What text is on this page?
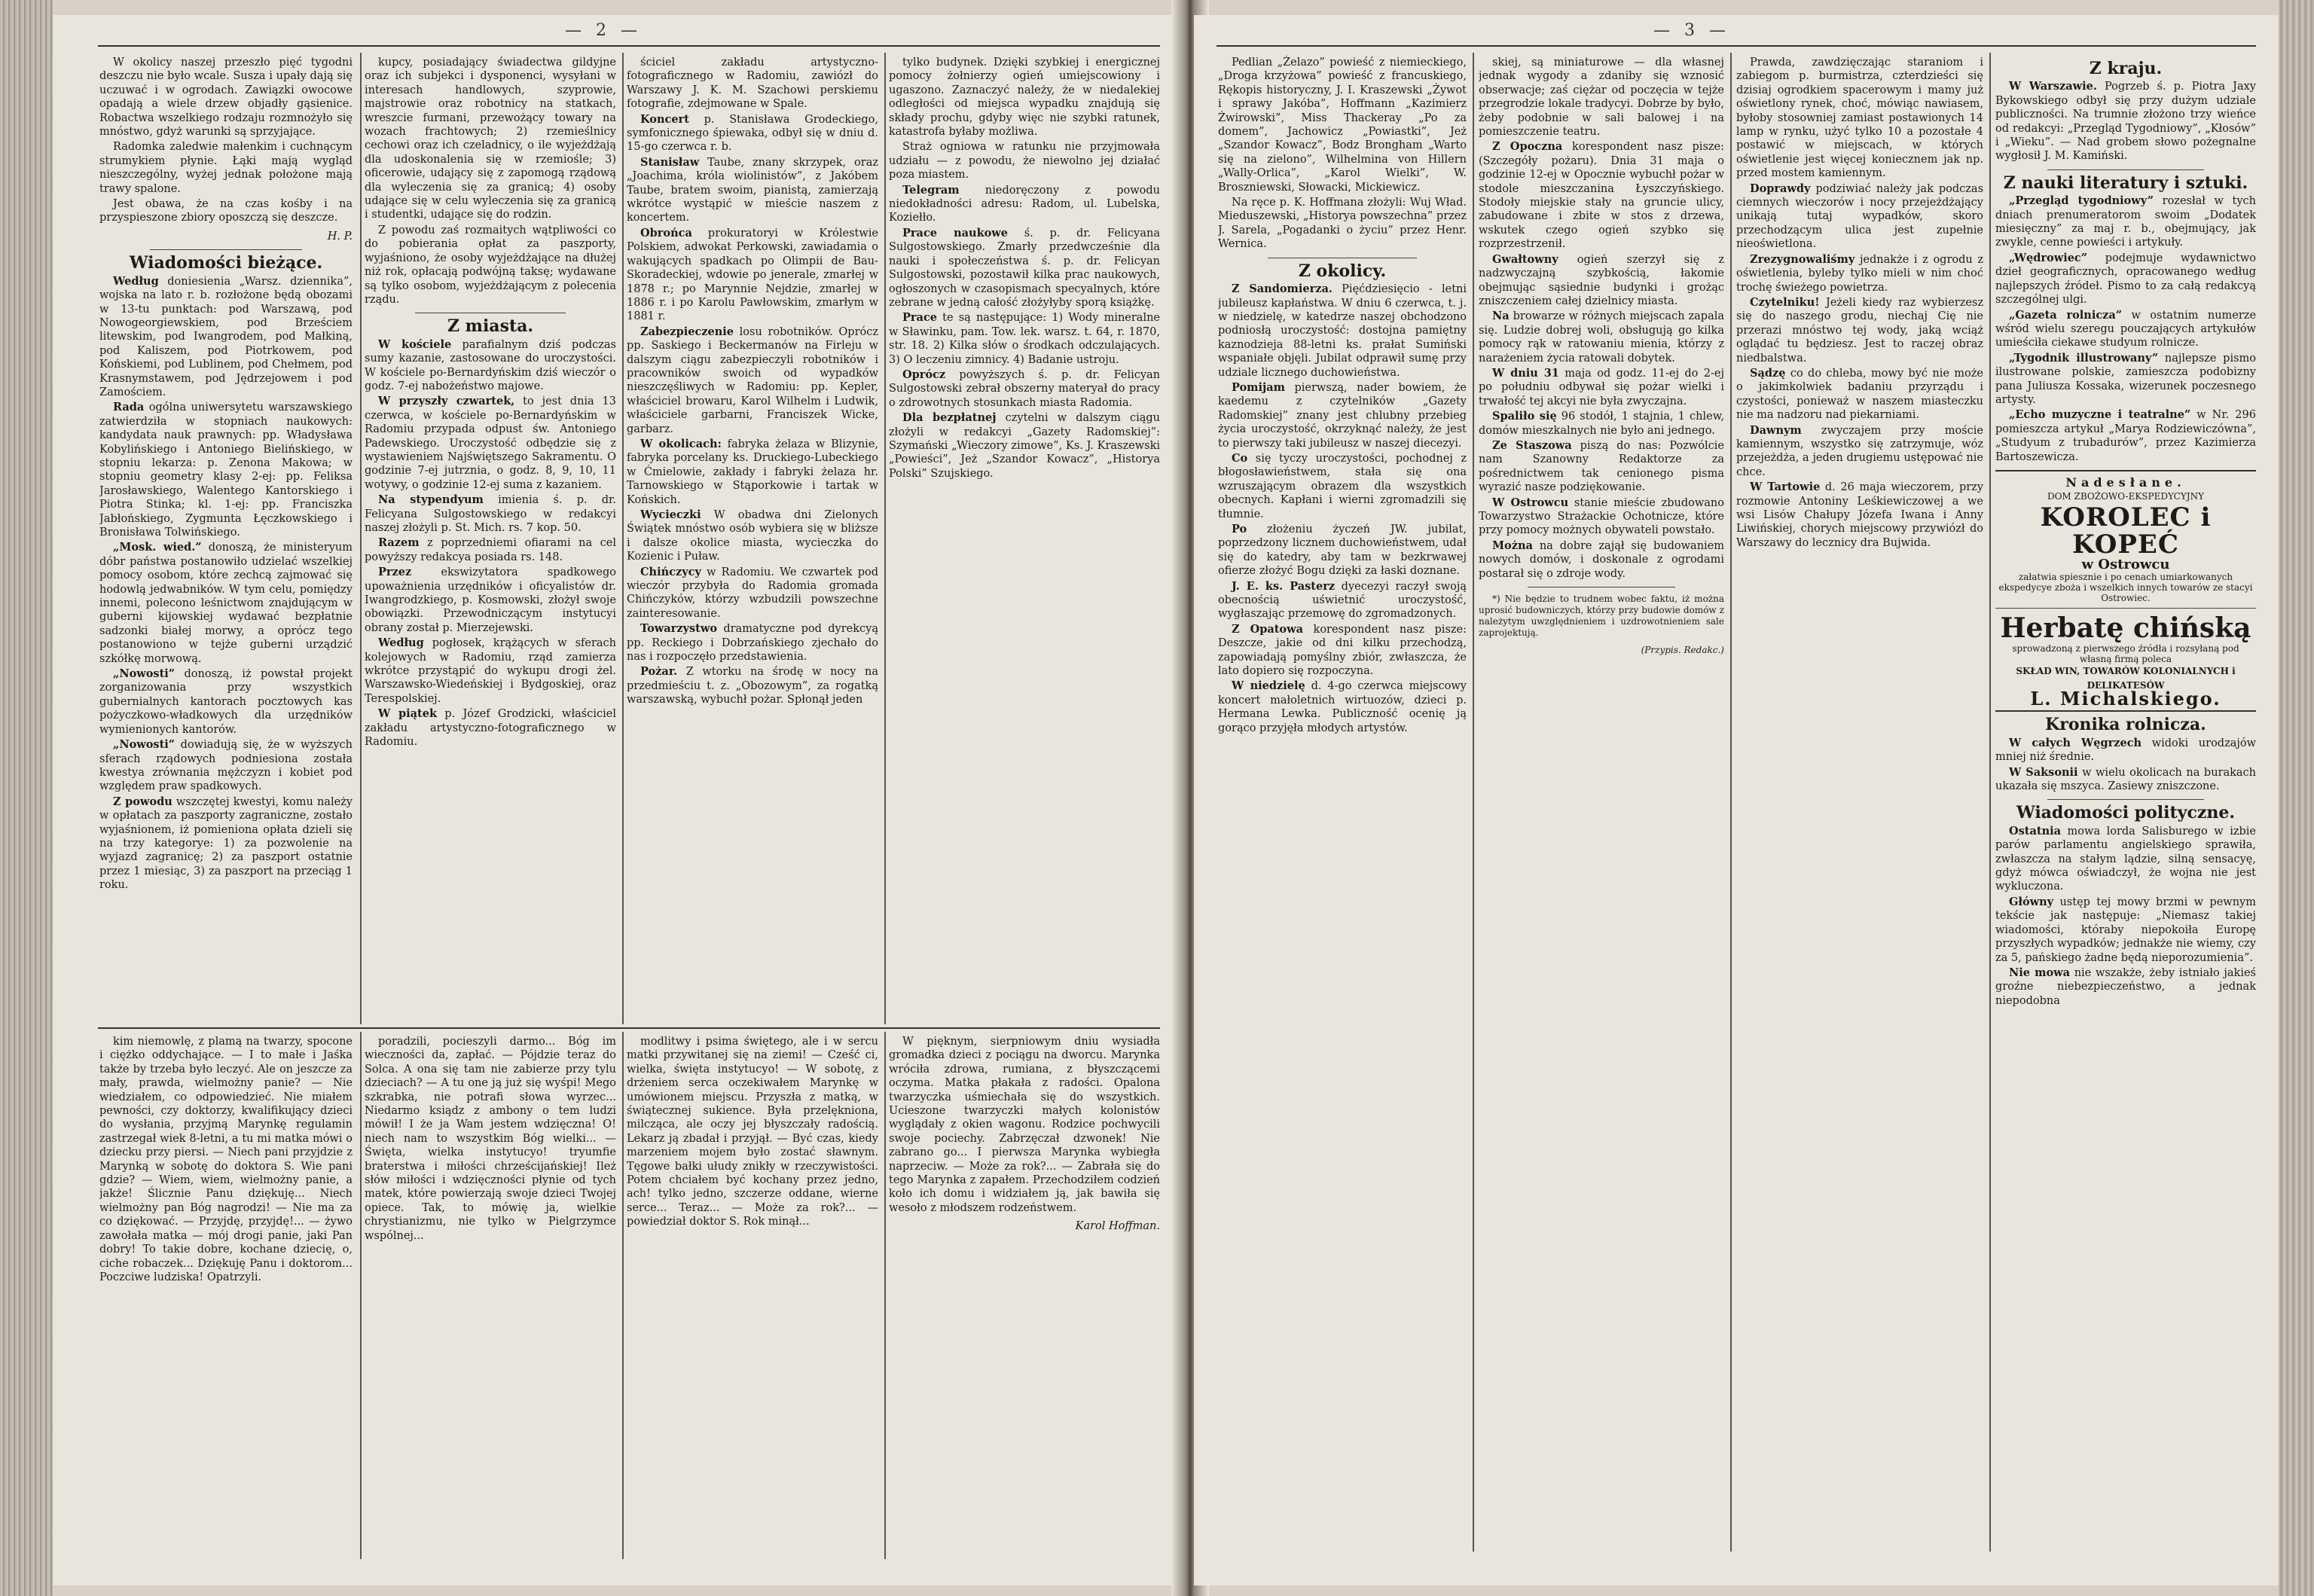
— 2 —

W okolicy naszej przeszło pięć tygodni deszczu nie było wcale. Susza i upały dają się uczuwać i w ogrodach. Zawiązki owocowe opadają a wiele drzew objadły gąsienice. Robactwa wszelkiego rodzaju rozmnożyło się mnóstwo, gdyż warunki są sprzyjające.

Radomka zaledwie małenkim i cuchnącym strumykiem płynie. Łąki mają wygląd nieszczególny, wyżej jednak położone mają trawy spalone.

Jest obawa, że na czas kośby i na przyspieszone zbiory oposzczą się deszcze.

H. P.
Wiadomości bieżące.

Według doniesienia „Warsz. dziennika”, wojska na lato r. b. rozłożone będą obozami w 13-tu punktach: pod Warszawą, pod Nowogeorgiewskiem, pod Brześciem litewskim, pod Iwangrodem, pod Małkiną, pod Kaliszem, pod Piotrkowem, pod Końskiemi, pod Lublinem, pod Chełmem, pod Krasnymstawem, pod Jędrzejowem i pod Zamościem.

Rada ogólna uniwersytetu warszawskiego zatwierdziła w stopniach naukowych: kandydata nauk prawnych: pp. Władysława Kobylińskiego i Antoniego Bielińskiego, w stopniu lekarza: p. Zenona Makowa; w stopniu geometry klasy 2-ej: pp. Feliksa Jarosławskiego, Walentego Kantorskiego i Piotra Stinka; kl. 1-ej: pp. Franciszka Jabłońskiego, Zygmunta Łęczkowskiego i Bronisława Tolwińskiego.

„Mosk. wied.” donoszą, że ministeryum dóbr państwa postanowiło udzielać wszelkiej pomocy osobom, które zechcą zajmować się hodowlą jedwabników. W tym celu, pomiędzy innemi, polecono leśnictwom znajdującym w guberni kijowskiej wydawać bezpłatnie sadzonki białej morwy, a oprócz tego postanowiono w tejże guberni urządzić szkółkę morwową.

„Nowosti” donoszą, iż powstał projekt zorganizowania przy wszystkich gubernialnych kantorach pocztowych kas pożyczkowo-władkowych dla urzędników wymienionych kantorów.

„Nowosti” dowiadują się, że w wyższych sferach rządowych podniesiona została kwestya zrównania mężczyzn i kobiet pod względem praw spadkowych.

Z powodu wszczętej kwestyi, komu należy w opłatach za paszporty zagraniczne, zostało wyjaśnionem, iż pomieniona opłata dzieli się na trzy kategorye: 1) za pozwolenie na wyjazd zagranicę; 2) za paszport ostatnie przez 1 miesiąc, 3) za paszport na przeciąg 1 roku.

kupcy, posiadający świadectwa gildyjne oraz ich subjekci i dysponenci, wysyłani w interesach handlowych, szyprowie, majstrowie oraz robotnicy na statkach, wreszcie furmani, przewożący towary na wozach frachtowych; 2) rzemieślnicy cechowi oraz ich czeladnicy, o ile wyjeżdżają dla udoskonalenia się w rzemiośle; 3) oficerowie, udający się z zapomogą rządową dla wyleczenia się za granicą; 4) osoby udające się w celu wyleczenia się za granicą i studentki, udające się do rodzin.

Z powodu zaś rozmaitych wątpliwości co do pobierania opłat za paszporty, wyjaśniono, że osoby wyjeżdżające na dłużej niż rok, opłacają podwójną taksę; wydawane są tylko osobom, wyjeżdżającym z polecenia rządu.

Z miasta.

W kościele parafialnym dziś podczas sumy kazanie, zastosowane do uroczystości. W kościele po-Bernardyńskim dziś wieczór o godz. 7-ej nabożeństwo majowe.

W przyszły czwartek, to jest dnia 13 czerwca, w kościele po-Bernardyńskim w Radomiu przypada odpust św. Antoniego Padewskiego. Uroczystość odbędzie się z wystawieniem Najświętszego Sakramentu. O godzinie 7-ej jutrznia, o godz. 8, 9, 10, 11 wotywy, o godzinie 12-ej suma z kazaniem.

Na stypendyum imienia ś. p. dr. Felicyana Sulgostowskiego w redakcyi naszej złożyli p. St. Mich. rs. 7 kop. 50.

Razem z poprzedniemi ofiarami na cel powyższy redakcya posiada rs. 148.

Przez	ekswizytatora spadkowego upoważnienia urzędników i oficyalistów dr. Iwangrodzkiego, p. Kosmowski, złożył swoje obowiązki. Przewodniczącym instytucyi obrany został p. Mierzejewski.

Według pogłosek, krążących w sferach kolejowych w Radomiu, rząd zamierza wkrótce przystąpić do wykupu drogi żel. Warszawsko-Wiedeńskiej i Bydgoskiej, oraz Terespolskiej.

W piątek p. Józef Grodzicki, właściciel zakładu artystyczno-fotograficznego w Radomiu.

ściciel zakładu artystyczno-fotograficznego w Radomiu, zawiózł do Warszawy J. K. M. Szachowi perskiemu fotografie, zdejmowane w Spale.

Koncert p. Stanisława Grodeckiego, symfonicznego śpiewaka, odbył się w dniu d. 15-go czerwca r. b.

Stanisław Taube, znany skrzypek, oraz „Joachima, króla wiolinistów”, z Jakóbem Taube, bratem swoim, pianistą, zamierzają wkrótce wystąpić w mieście naszem z koncertem.

Obrońca prokuratoryi w Królestwie Polskiem, adwokat Perkowski, zawiadamia o wakujących spadkach po Olimpii de Bau-Skoradeckiej, wdowie po jenerale, zmarłej w 1878 r.; po Marynnie Nejdzie, zmarłej w 1886 r. i po Karolu Pawłowskim, zmarłym w 1881 r.

Zabezpieczenie losu robotników. Oprócz pp. Saskiego i Beckermanów na Firleju w dalszym ciągu zabezpieczyli robotników i pracowników swoich od wypadków nieszczęśliwych w Radomiu: pp. Kepler, właściciel browaru, Karol Wilhelm i Ludwik, właściciele garbarni, Franciszek Wicke, garbarz.

W okolicach: fabryka żelaza w Blizynie, fabryka porcelany ks. Druckiego-Lubeckiego w Ćmielowie, zakłady i fabryki żelaza hr. Tarnowskiego w Stąporkowie i tartak w Końskich.

Wycieczki W obadwa dni Zielonych Świątek mnóstwo osób wybiera się w bliższe i dalsze okolice miasta, wycieczka do Kozienic i Puław.

Chińczycy w Radomiu. We czwartek pod wieczór przybyła do Radomia gromada Chińczyków, którzy wzbudzili powszechne zainteresowanie.

Towarzystwo dramatyczne pod dyrekcyą pp. Reckiego i Dobrzańskiego zjechało do nas i rozpoczęło przedstawienia.

Pożar. Z wtorku na środę w nocy na przedmieściu t. z. „Obozowym”, za rogatką warszawską, wybuchł pożar. Spłonął jeden

tylko budynek. Dzięki szybkiej i energicznej pomocy żołnierzy ogień umiejscowiony i ugaszono. Zaznaczyć należy, że w niedalekiej odległości od miejsca wypadku znajdują się składy prochu, gdyby więc nie szybki ratunek, katastrofa byłaby możliwa.

Straż ogniowa w ratunku nie przyjmowała udziału — z powodu, że niewolno jej działać poza miastem.

Telegram niedoręczony z powodu niedokładności adresu: Radom, ul. Lubelska, Koziełło.

Prace naukowe ś. p. dr. Felicyana Sulgostowskiego. Zmarły przedwcześnie dla nauki i społeczeństwa ś. p. dr. Felicyan Sulgostowski, pozostawił kilka prac naukowych, ogłoszonych w czasopismach specyalnych, które zebrane w jedną całość złożyłyby sporą książkę.

Prace te są następujące: 1) Wody mineralne w Sławinku, pam. Tow. lek. warsz. t. 64, r. 1870, str. 18. 2) Kilka słów o środkach odczulających. 3) O leczeniu zimnicy. 4) Badanie ustroju.

Oprócz powyższych ś. p. dr. Felicyan Sulgostowski zebrał obszerny materyał do pracy o zdrowotnych stosunkach miasta Radomia.

Dla bezpłatnej czytelni w dalszym ciągu złożyli w redakcyi „Gazety Radomskiej”: Szymański „Wieczory zimowe”, Ks. J. Kraszewski „Powieści”, Jeż „Szandor Kowacz”, „Historya Polski” Szujskiego.

kim niemowlę, z plamą na twarzy, spocone i ciężko oddychające. — I to małe i Jaśka także by trzeba było leczyć. Ale on jeszcze za mały, prawda, wielmożny panie? — Nie wiedziałem, co odpowiedzieć. Nie miałem pewności, czy doktorzy, kwalifikujący dzieci do wysłania, przyjmą Marynkę regulamin zastrzegał wiek 8-letni, a tu mi matka mówi o dziecku przy piersi. — Niech pani przyjdzie z Marynką w sobotę do doktora S. Wie pani gdzie? — Wiem, wiem, wielmożny panie, a jakże! Ślicznie Panu dziękuję... Niech wielmożny pan Bóg nagrodzi! — Nie ma za co dziękować. — Przyjdę, przyjdę!... — żywo zawołała matka — mój drogi panie, jaki Pan dobry! To takie dobre, kochane dziecię, o, ciche robaczek... Dziękuję Panu i doktorom... Poczciwe ludziska! Opatrzyli.

poradzili, pocieszyli darmo... Bóg im wieczności da, zapłać. — Pójdzie teraz do Solca. A ona się tam nie zabierze przy tylu dzieciach? — A tu one ją już się wyśpi! Mego szkrabka, nie potrafi słowa wyrzec... Niedarmo ksiądz z ambony o tem ludzi mówił! I że ja Wam jestem wdzięczna! O! niech nam to wszystkim Bóg wielki... — Święta, wielka instytucyo! tryumfie braterstwa i miłości chrześcijańskiej! Ileż słów miłości i wdzięczności płynie od tych matek, które powierzają swoje dzieci Twojej opiece. Tak, to mówię ja, wielkie chrystianizmu, nie tylko w Pielgrzymce wspólnej...

modlitwy i psima świętego, ale i w sercu matki przywitanej się na ziemi! — Cześć ci, wielka, święta instytucyo! — W sobotę, z drżeniem serca oczekiwałem Marynkę w umówionem miejscu. Przyszła z matką, w świątecznej sukience. Była przelękniona, milcząca, ale oczy jej błyszczały radością. Lekarz ją zbadał i przyjął. — Być czas, kiedy marzeniem mojem było zostać sławnym. Tęgowe bałki ułudy znikły w rzeczywistości. Potem chciałem być kochany przez jedno, ach! tylko jedno, szczerze oddane, wierne serce... Teraz... — Może za rok?... — powiedział doktor S. Rok minął...

W pięknym, sierpniowym dniu wysiadła gromadka dzieci z pociągu na dworcu. Marynka wróciła zdrowa, rumiana, z błyszczącemi oczyma. Matka płakała z radości. Opalona twarzyczka uśmiechała się do wszystkich. Ucieszone twarzyczki małych kolonistów wyglądały z okien wagonu. Rodzice pochwycili swoje pociechy. Zabrzęczał dzwonek! Nie zabrano go... I pierwsza Marynka wybiegła naprzeciw. — Może za rok?... — Zabrała się do tego Marynka z zapałem. Przechodziłem codzień koło ich domu i widziałem ją, jak bawiła się wesoło z młodszem rodzeństwem.

Karol Hoffman.
— 3 —

Pedlian „Żelazo” powieść z niemieckiego, „Droga krzyżowa” powieść z francuskiego, Rękopis historyczny, J. I. Kraszewski „Żywot i sprawy Jakóba”, Hoffmann „Kazimierz Żwirowski”, Miss Thackeray „Po za domem”, Jachowicz „Powiastki”, Jeż „Szandor Kowacz”, Bodz Brongham „Warto się na zielono”, Wilhelmina von Hillern „Wally-Orlica”, „Karol Wielki”, W. Broszniewski, Słowacki, Mickiewicz.

Na ręce p. K. Hoffmana złożyli: Wuj Wład. Mieduszewski, „Historya powszechna” przez J. Sarela, „Pogadanki o życiu” przez Henr. Wernica.

Z okolicy.

Z Sandomierza. Pięćdziesięcio - letni jubileusz kapłaństwa. W dniu 6 czerwca, t. j. w niedzielę, w katedrze naszej obchodzono podniosłą uroczystość: dostojna pamiętny kaznodzieja 88-letni ks. prałat Sumiński wspaniałe objęli. Jubilat odprawił sumę przy udziale licznego duchowieństwa.

Pomijam pierwszą, nader bowiem, że kaedemu z czytelników „Gazety Radomskiej” znany jest chlubny przebieg życia uroczystość, okrzyknąć należy, że jest to pierwszy taki jubileusz w naszej diecezyi.

Co się tyczy uroczystości, pochodnej z błogosławieństwem, stała się ona wzruszającym obrazem dla wszystkich obecnych. Kapłani i wierni zgromadzili się tłumnie.

Po złożeniu życzeń JW. jubilat, poprzedzony licznem duchowieństwem, udał się do katedry, aby tam w bezkrwawej ofierze złożyć Bogu dzięki za łaski doznane.

J. E. ks. Pasterz dyecezyi raczył swoją obecnością uświetnić uroczystość, wygłaszając przemowę do zgromadzonych.

Z Opatowa korespondent nasz pisze: Deszcze, jakie od dni kilku przechodzą, zapowiadają pomyślny zbiór, zwłaszcza, że lato dopiero się rozpoczyna.

W niedzielę d. 4-go czerwca miejscowy koncert małoletnich wirtuozów, dzieci p. Hermana Lewka. Publiczność ocenię ją gorąco przyjęła młodych artystów.

skiej, są miniaturowe — dla własnej jednak wygody a zdaniby się wznosić obserwacje; zaś ciężar od poczęcia w tejże przegrodzie lokale tradycyi. Dobrze by było, żeby podobnie w sali balowej i na pomieszczenie teatru.

Z Opoczna korespondent nasz pisze: (Szczegóły pożaru). Dnia 31 maja o godzinie 12-ej w Opocznie wybuchł pożar w stodole mieszczanina Łyszczyńskiego. Stodoły miejskie stały na gruncie ulicy, zabudowane i zbite w stos z drzewa, wskutek czego ogień szybko się rozprzestrzenił.

Gwałtowny ogień szerzył się z nadzwyczajną szybkością, łakomie obejmując sąsiednie budynki i grożąc zniszczeniem całej dzielnicy miasta.

Na browarze w różnych miejscach zapala się. Ludzie dobrej woli, obsługują go kilka pomocy rąk w ratowaniu mienia, którzy z narażeniem życia ratowali dobytek.

W dniu 31 maja od godz. 11-ej do 2-ej po południu odbywał się pożar wielki i trwałość tej akcyi nie była zwyczajna.

Spaliło się 96 stodół, 1 stajnia, 1 chlew, domów mieszkalnych nie było ani jednego.

Ze Staszowa piszą do nas: Pozwólcie nam Szanowny Redaktorze za pośrednictwem tak cenionego pisma wyrazić nasze podziękowanie.

W Ostrowcu stanie mieście zbudowano Towarzystwo Strażackie Ochotnicze, które przy pomocy możnych obywateli powstało.

Można na dobre zajął się budowaniem nowych domów, i doskonale z ogrodami postarał się o zdroje wody.

*) Nie będzie to trudnem wobec faktu, iż można uprosić budowniczych, którzy przy budowie domów z należytym uwzględnieniem i uzdrowotnieniem sale zaprojektują.

(Przypis. Redakc.)

Prawda, zawdzięczając staraniom i zabiegom p. burmistrza, czterdzieści się dzisiaj ogrodkiem spacerowym i mamy już oświetlony rynek, choć, mówiąc nawiasem, byłoby stosowniej zamiast postawionych 14 lamp w rynku, użyć tylko 10 a pozostałe 4 postawić w miejscach, w których oświetlenie jest więcej koniecznem jak np. przed mostem kamiennym.

Doprawdy podziwiać należy jak podczas ciemnych wieczorów i nocy przejeżdżający unikają tutaj wypadków, skoro przechodzącym ulica jest zupełnie nieoświetlona.

Zrezygnowaliśmy jednakże i z ogrodu z oświetlenia, byleby tylko mieli w nim choć trochę świeżego powietrza.

Czytelniku! Jeżeli kiedy raz wybierzesz się do naszego grodu, niechaj Cię nie przerazi mnóstwo tej wody, jaką wciąż oglądać tu będziesz. Jest to raczej obraz niedbalstwa.

Sądzę co do chleba, mowy być nie może o jakimkolwiek badaniu przyrządu i czystości, ponieważ w naszem miasteczku nie ma nadzoru nad piekarniami.

Dawnym zwyczajem przy moście kamiennym, wszystko się zatrzymuje, wóz przejeżdża, a jeden drugiemu ustępować nie chce.

W Tartowie d. 26 maja wieczorem, przy rozmowie Antoniny Leśkiewiczowej a we wsi Lisów Chałupy Józefa Iwana i Anny Liwińskiej, chorych miejscowy przywiózł do Warszawy do lecznicy dra Bujwida.

Z kraju.

W Warszawie. Pogrzeb ś. p. Piotra Jaxy Bykowskiego odbył się przy dużym udziale publiczności. Na trumnie złożono trzy wieńce od redakcyi: „Przegląd Tygodniowy”, „Kłosów” i „Wieku”. — Nad grobem słowo pożegnalne wygłosił J. M. Kamiński.

Z nauki literatury i sztuki.

„Przegląd tygodniowy” rozesłał w tych dniach prenumeratorom swoim „Dodatek miesięczny” za maj r. b., obejmujący, jak zwykle, cenne powieści i artykuły.

„Wędrowiec” podejmuje wydawnictwo dzieł geograficznych, opracowanego według najlepszych źródeł. Pismo to za całą redakcyą szczególnej ulgi.

„Gazeta rolnicza” w ostatnim numerze wśród wielu szeregu pouczających artykułów umieściła ciekawe studyum rolnicze.

„Tygodnik illustrowany” najlepsze pismo ilustrowane polskie, zamieszcza podobizny pana Juliusza Kossaka, wizerunek poczesnego artysty.

„Echo muzyczne i teatralne” w Nr. 296 pomieszcza artykuł „Marya Rodziewiczówna”, „Studyum z trubadurów”, przez Kazimierza Bartoszewicza.

Nadesłane.
DOM ZBOŻOWO-EKSPEDYCYJNY
KOROLEC i KOPEĆ
w Ostrowcu
załatwia spiesznie i po cenach umiarkowanych ekspedycye zboża i wszelkich innych towarów ze stacyi Ostrowiec.
Herbatę chińską
sprowadzoną z pierwszego źródła i rozsyłaną pod własną firmą poleca
SKŁAD WIN, TOWARÓW KOLONIALNYCH i DELIKATESÓW
L. Michalskiego.
Kronika rolnicza.

W całych Węgrzech widoki urodzajów mniej niż średnie.

W Saksonii w wielu okolicach na burakach ukazała się mszyca. Zasiewy zniszczone.

Wiadomości polityczne.

Ostatnia mowa lorda Salisburego w izbie parów parlamentu angielskiego sprawiła, zwłaszcza na stałym lądzie, silną sensacyę, gdyż mówca oświadczył, że wojna nie jest wykluczona.

Główny ustęp tej mowy brzmi w pewnym tekście jak następuje: „Niemasz takiej wiadomości, któraby niepokoiła Europę przyszłych wypadków; jednakże nie wiemy, czy za 5, pańskiego żadne będą nieporozumienia”.

Nie mowa nie wszakże, żeby istniało jakieś groźne niebezpieczeństwo, a jednak niepodobna
